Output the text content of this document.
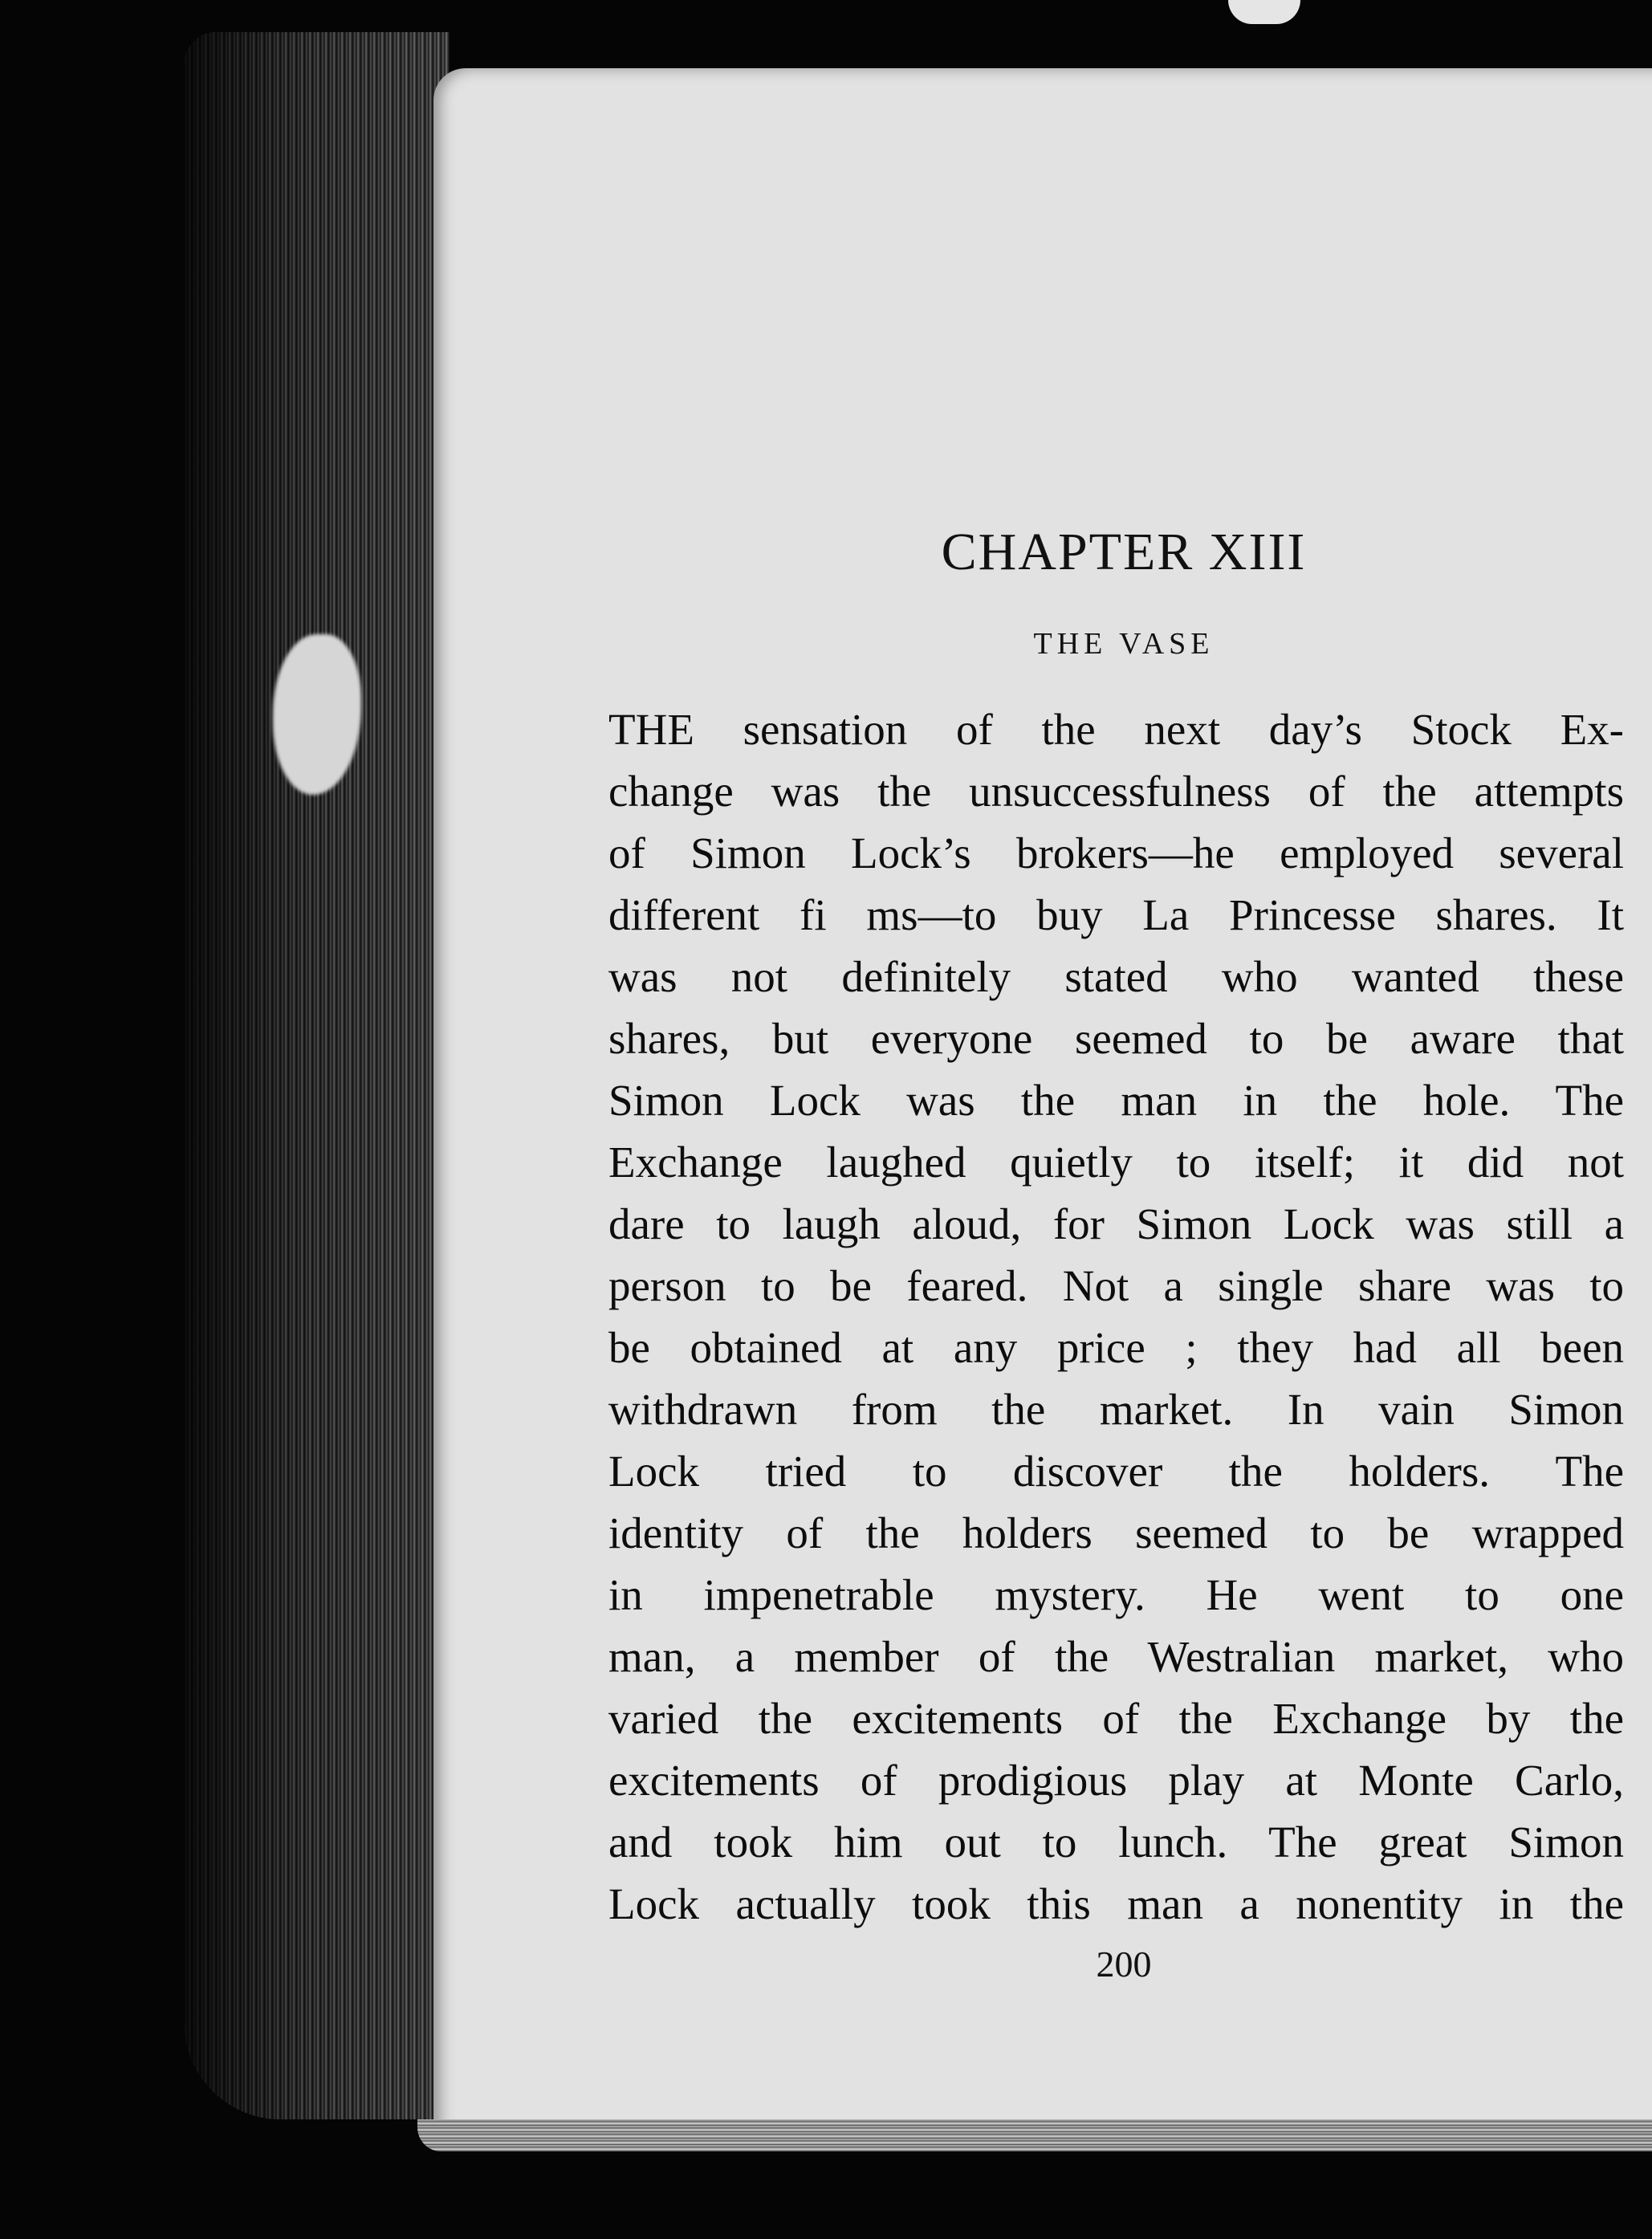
CHAPTER XIII
THE VASE
THE sensation of the next day’s Stock Ex-
change was the unsuccessfulness of the attempts
of Simon Lock’s brokers—he employed several
different fi ms—to buy La Princesse shares. It
was not definitely stated who wanted these
shares, but everyone seemed to be aware that
Simon Lock was the man in the hole. The
Exchange laughed quietly to itself; it did not
dare to laugh aloud, for Simon Lock was still a
person to be feared. Not a single share was to
be obtained at any price ; they had all been
withdrawn from the market. In vain Simon
Lock tried to discover the holders. The
identity of the holders seemed to be wrapped
in impenetrable mystery. He went to one
man, a member of the Westralian market, who
varied the excitements of the Exchange by the
excitements of prodigious play at Monte Carlo,
and took him out to lunch. The great Simon
Lock actually took this man a nonentity in the
200
